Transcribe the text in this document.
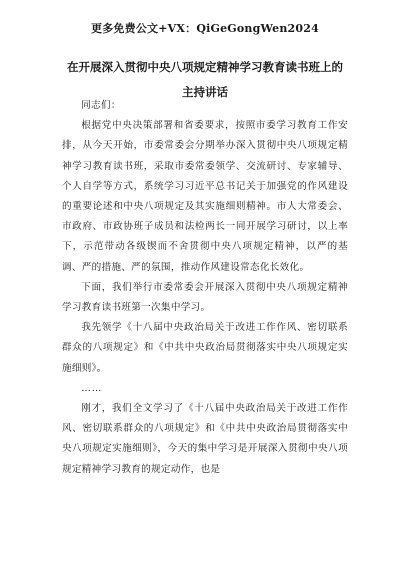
更多免费公文+VX：QiGeGongWen2024
在开展深入贯彻中央八项规定精神学习教育读书班上的主持讲话

同志们：

根据党中央决策部署和省委要求，按照市委学习教育工作安排，从今天开始，市委常委会分期举办深入贯彻中央八项规定精神学习教育读书班，采取市委常委领学、交流研讨、专家辅导、个人自学等方式，系统学习习近平总书记关于加强党的作风建设的重要论述和中央八项规定及其实施细则精神。市人大常委会、市政府、市政协班子成员和法检两长一同开展学习研讨，以上率下，示范带动各级锲而不舍贯彻中央八项规定精神，以严的基调、严的措施、严的氛围，推动作风建设常态化长效化。

下面，我们举行市委常委会开展深入贯彻中央八项规定精神学习教育读书班第一次集中学习。

我先领学《十八届中央政治局关于改进工作作风、密切联系群众的八项规定》和《中共中央政治局贯彻落实中央八项规定实施细则》。

……

刚才，我们全文学习了《十八届中央政治局关于改进工作作风、密切联系群众的八项规定》和《中共中央政治局贯彻落实中央八项规定实施细则》，今天的集中学习是开展深入贯彻中央八项规定精神学习教育的规定动作，也是
